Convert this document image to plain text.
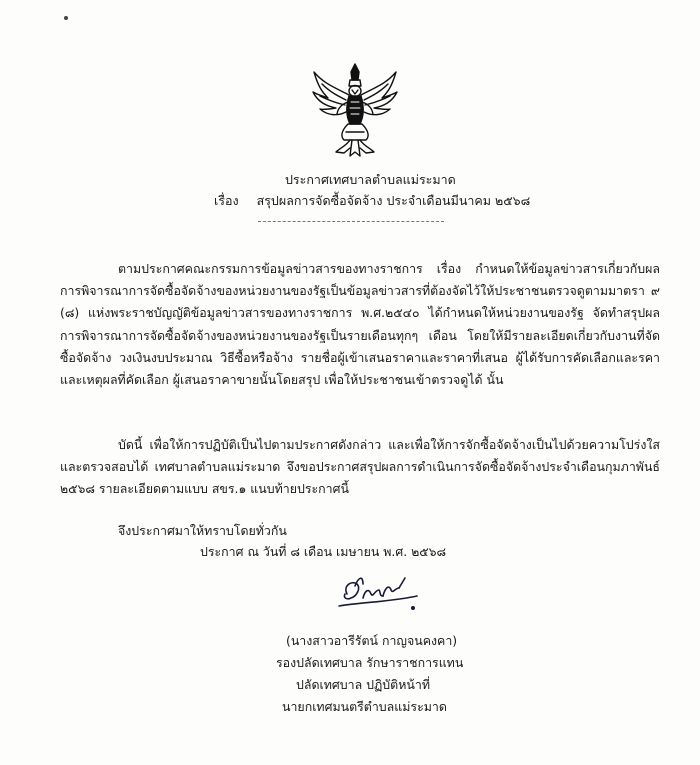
ประกาศเทศบาลตำบลแม่ระมาด
เรื่อง สรุปผลการจัดซื้อจัดจ้าง ประจำเดือนมีนาคม ๒๕๖๘

ตามประกาศคณะกรรมการข้อมูลข่าวสารของทางราชการ เรื่อง กำหนดให้ข้อมูลข่าวสารเกี่ยวกับผลการพิจารณาการจัดซื้อจัดจ้างของหน่วยงานของรัฐเป็นข้อมูลข่าวสารที่ต้องจัดไว้ให้ประชาชนตรวจดูตามมาตรา ๙ (๘) แห่งพระราชบัญญัติข้อมูลข่าวสารของทางราชการ พ.ศ.๒๕๔๐ ได้กำหนดให้หน่วยงานของรัฐ จัดทำสรุปผลการพิจารณาการจัดซื้อจัดจ้างของหน่วยงานของรัฐเป็นรายเดือนทุกๆ เดือน โดยให้มีรายละเอียดเกี่ยวกับงานที่จัดซื้อจัดจ้าง วงเงินงบประมาณ วิธีซื้อหรือจ้าง รายชื่อผู้เข้าเสนอราคาและราคาที่เสนอ ผู้ได้รับการคัดเลือกและรคา และเหตุผลที่คัดเลือก ผู้เสนอราคาขายนั้นโดยสรุป เพื่อให้ประชาชนเข้าตรวจดูได้ นั้น

บัดนี้ เพื่อให้การปฏิบัติเป็นไปตามประกาศดังกล่าว และเพื่อให้การจักซื้อจัดจ้างเป็นไปด้วยความโปร่งใสและตรวจสอบได้ เทศบาลตำบลแม่ระมาด จึงขอประกาศสรุปผลการดำเนินการจัดซื้อจัดจ้างประจำเดือนกุมภาพันธ์ ๒๕๖๘ รายละเอียดตามแบบ สขร.๑ แนบท้ายประกาศนี้

จึงประกาศมาให้ทราบโดยทั่วกัน

ประกาศ ณ วันที่ ๘ เดือน เมษายน พ.ศ. ๒๕๖๘
(นางสาวอารีรัตน์ กาญจนคงคา)
รองปลัดเทศบาล รักษาราชการแทน
ปลัดเทศบาล ปฏิบัติหน้าที่
นายกเทศมนตรีตำบลแม่ระมาด
